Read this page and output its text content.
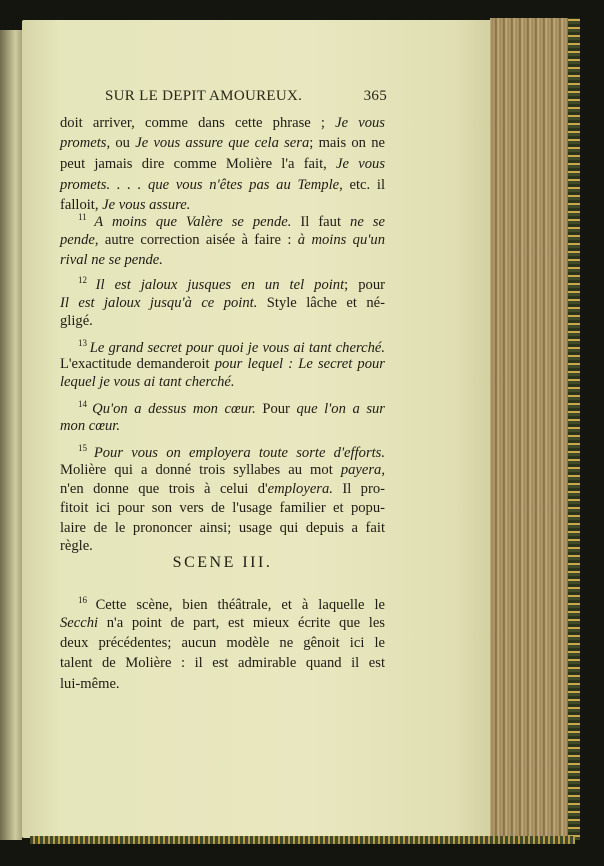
SUR LE DEPIT AMOUREUX.	365
SCENE III.
doit arriver, comme dans cette phrase ; Je vous
promets, ou Je vous assure que cela sera; mais on ne
peut jamais dire comme Molière l'a fait, Je vous
promets. . . . que vous n'êtes pas au Temple, etc. il
falloit, Je vous assure.
$^{11}$ A moins que Valère se pende. Il faut ne se
pende, autre correction aisée à faire : à moins qu'un
rival ne se pende.
$^{12}$ Il est jaloux jusques en un tel point; pour
Il est jaloux jusqu'à ce point. Style lâche et né-
gligé.
$^{13}$ Le grand secret pour quoi je vous ai tant cherché.
L'exactitude demanderoit pour lequel : Le secret pour
lequel je vous ai tant cherché.
$^{14}$ Qu'on a dessus mon cœur. Pour que l'on a sur
mon cœur.
$^{15}$ Pour vous on employera toute sorte d'efforts.
Molière qui a donné trois syllabes au mot payera,
n'en donne que trois à celui d'employera. Il pro-
fitoit ici pour son vers de l'usage familier et popu-
laire de le prononcer ainsi; usage qui depuis a fait
règle.
$^{16}$ Cette scène, bien théâtrale, et à laquelle le
Secchi n'a point de part, est mieux écrite que les
deux précédentes; aucun modèle ne gênoit ici le
talent de Molière : il est admirable quand il est
lui-même.
